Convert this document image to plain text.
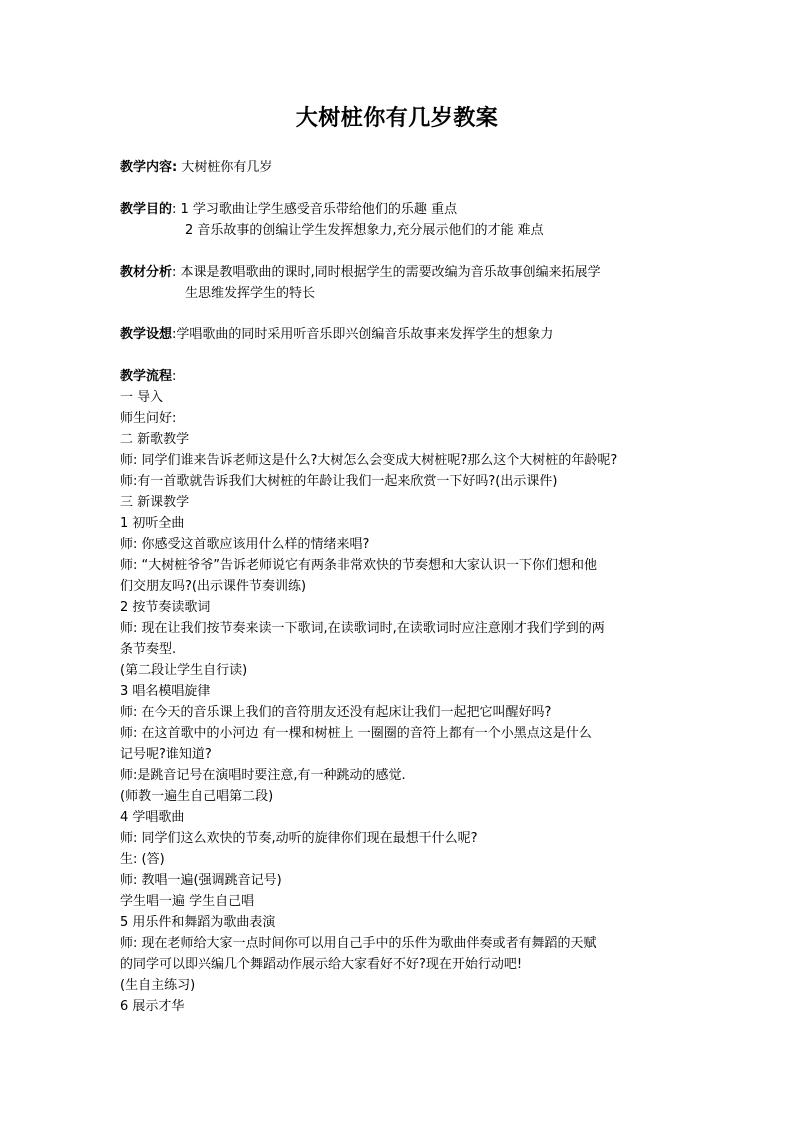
大树桩你有几岁教案
教学内容: 大树桩你有几岁
教学目的: 1 学习歌曲让学生感受音乐带给他们的乐趣 重点
2 音乐故事的创编让学生发挥想象力,充分展示他们的才能 难点
教材分析: 本课是教唱歌曲的课时,同时根据学生的需要改编为音乐故事创编来拓展学
生思维发挥学生的特长
教学设想:学唱歌曲的同时采用听音乐即兴创编音乐故事来发挥学生的想象力
教学流程:
一 导入
师生问好:
二 新歌教学
师: 同学们谁来告诉老师这是什么?大树怎么会变成大树桩呢?那么这个大树桩的年龄呢?
师:有一首歌就告诉我们大树桩的年龄让我们一起来欣赏一下好吗?(出示课件)
三 新课教学
1 初听全曲
师: 你感受这首歌应该用什么样的情绪来唱?
师: “大树桩爷爷”告诉老师说它有两条非常欢快的节奏想和大家认识一下你们想和他
们交朋友吗?(出示课件节奏训练)
2 按节奏读歌词
师: 现在让我们按节奏来读一下歌词,在读歌词时,在读歌词时应注意刚才我们学到的两
条节奏型.
(第二段让学生自行读)
3 唱名模唱旋律
师: 在今天的音乐课上我们的音符朋友还没有起床让我们一起把它叫醒好吗?
师: 在这首歌中的小河边 有一棵和树桩上 一圈圈的音符上都有一个小黑点这是什么
记号呢?谁知道?
师:是跳音记号在演唱时要注意,有一种跳动的感觉.
(师教一遍生自己唱第二段)
4 学唱歌曲
师: 同学们这么欢快的节奏,动听的旋律你们现在最想干什么呢?
生: (答)
师: 教唱一遍(强调跳音记号)
学生唱一遍 学生自己唱
5 用乐件和舞蹈为歌曲表演
师: 现在老师给大家一点时间你可以用自己手中的乐件为歌曲伴奏或者有舞蹈的天赋
的同学可以即兴编几个舞蹈动作展示给大家看好不好?现在开始行动吧!
(生自主练习)
6 展示才华
